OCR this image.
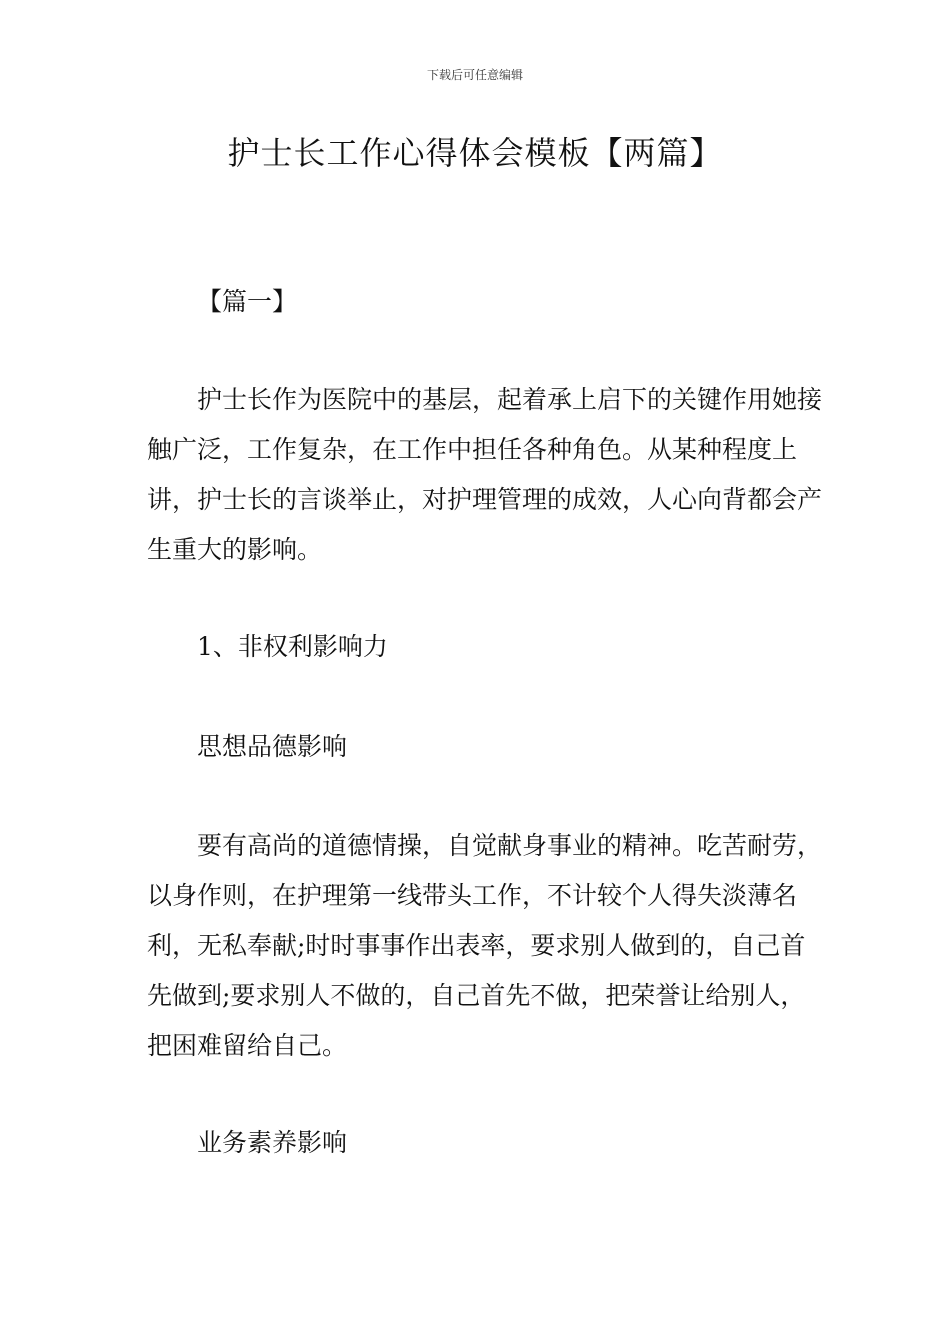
下载后可任意编辑
护士长工作心得体会模板【两篇】

【篇一】

护士长作为医院中的基层，起着承上启下的关键作用她接触广泛，工作复杂，在工作中担任各种角色。从某种程度上讲，护士长的言谈举止，对护理管理的成效，人心向背都会产生重大的影响。

1、非权利影响力

思想品德影响

要有高尚的道德情操，自觉献身事业的精神。吃苦耐劳，以身作则，在护理第一线带头工作，不计较个人得失淡薄名利，无私奉献;时时事事作出表率，要求别人做到的，自己首先做到;要求别人不做的，自己首先不做，把荣誉让给别人，把困难留给自己。

业务素养影响
